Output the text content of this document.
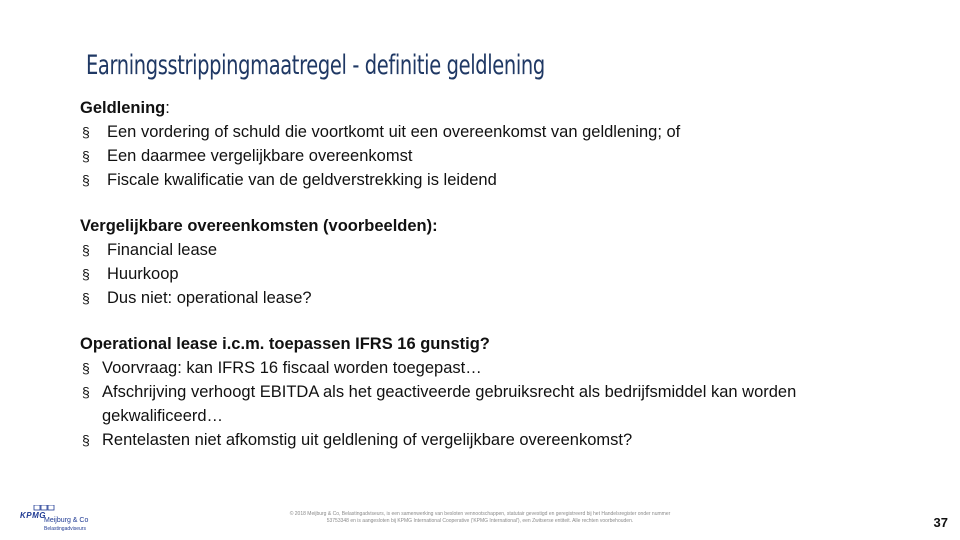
Earningsstrippingmaatregel - definitie geldlening

Geldlening:

§ Een vordering of schuld die voortkomt uit een overeenkomst van geldlening; of
§ Een daarmee vergelijkbare overeenkomst
§ Fiscale kwalificatie van de geldverstrekking is leidend

Vergelijkbare overeenkomsten (voorbeelden):

§ Financial lease
§ Huurkoop
§ Dus niet: operational lease?

Operational lease i.c.m. toepassen IFRS 16 gunstig?

§ Voorvraag: kan IFRS 16 fiscaal worden toegepast…
§ Afschrijving verhoogt EBITDA als het geactiveerde gebruiksrecht als bedrijfsmiddel kan worden gekwalificeerd…
§ Rentelasten niet afkomstig uit geldlening of vergelijkbare overeenkomst?
KPMG
Meijburg & Co
Belastingadviseurs
© 2018 Meijburg & Co, Belastingadviseurs, is een samenwerking van besloten vennootschappen, statutair gevestigd en geregistreerd bij het Handelsregister onder nummer
53753348 en is aangesloten bij KPMG International Cooperative ('KPMG International'), een Zwitserse entiteit. Alle rechten voorbehouden.	37
